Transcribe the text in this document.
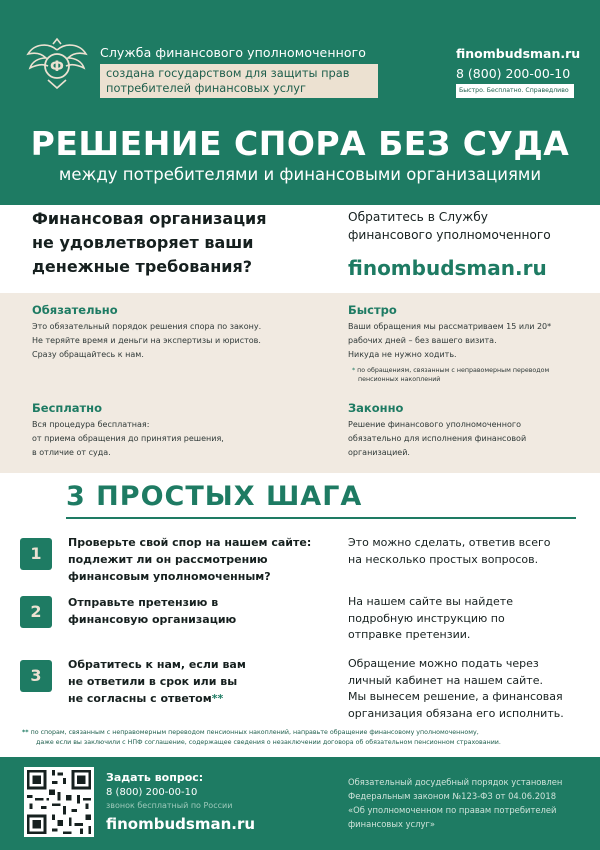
Ф
Служба финансового уполномоченного
создана государством для защиты прав
потребителей финансовых услуг
finombudsman.ru
8 (800) 200-00-10
Быстро. Бесплатно. Справедливо
РЕШЕНИЕ СПОРА БЕЗ СУДА
между потребителями и финансовыми организациями
Финансовая организация
не удовлетворяет ваши
денежные требования?
Обратитесь в Службу
финансового уполномоченного
finombudsman.ru
Обязательно
Это обязательный порядок решения спора по закону.
Не теряйте время и деньги на экспертизы и юристов.
Сразу обращайтесь к нам.
Быстро
Ваши обращения мы рассматриваем 15 или 20*
рабочих дней – без вашего визита.
Никуда не нужно ходить.
* по обращениям, связанным с неправомерным переводом
пенсионных накоплений
Бесплатно
Вся процедура бесплатная:
от приема обращения до принятия решения,
в отличие от суда.
Законно
Решение финансового уполномоченного
обязательно для исполнения финансовой
организацией.
3 ПРОСТЫХ ШАГА
1
Проверьте свой спор на нашем сайте:
подлежит ли он рассмотрению
финансовым уполномоченным?
Это можно сделать, ответив всего
на несколько простых вопросов.
2	Отправьте претензию в
финансовую организацию
На нашем сайте вы найдете
подробную инструкцию по
отправке претензии.
3
Обратитесь к нам, если вам
не ответили в срок или вы
не согласны с ответом**
Обращение можно подать через
личный кабинет на нашем сайте.
Мы вынесем решение, а финансовая
организация обязана его исполнить.
** по спорам, связанным с неправомерным переводом пенсионных накоплений, направьте обращение финансовому уполномоченному,
даже если вы заключили с НПФ соглашение, содержащее сведения о незаключении договора об обязательном пенсионном страховании.
Задать вопрос:
8 (800) 200-00-10
звонок бесплатный по России
finombudsman.ru
Обязательный досудебный порядок установлен
Федеральным законом №123-ФЗ от 04.06.2018
«Об уполномоченном по правам потребителей
финансовых услуг»
